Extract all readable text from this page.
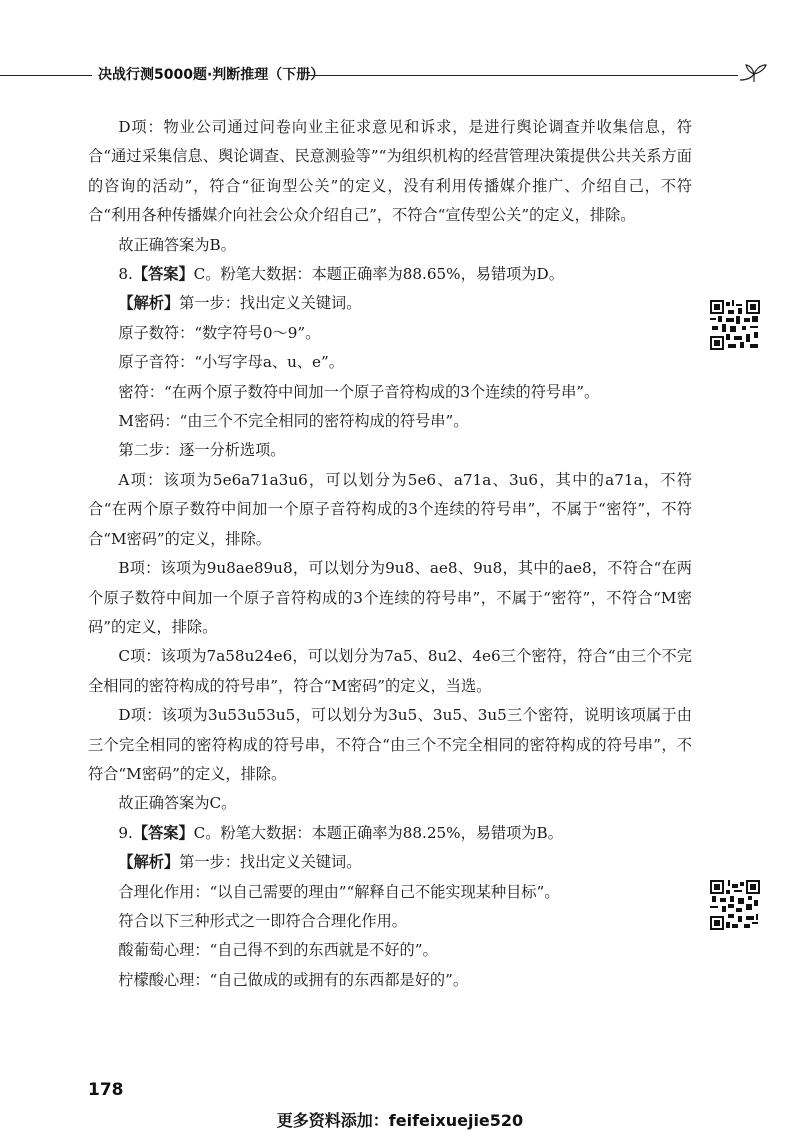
决战行测5000题·判断推理（下册）

D项：物业公司通过问卷向业主征求意见和诉求，是进行舆论调查并收集信息，符合“通过采集信息、舆论调查、民意测验等”“为组织机构的经营管理决策提供公共关系方面的咨询的活动”，符合“征询型公关”的定义，没有利用传播媒介推广、介绍自己，不符合“利用各种传播媒介向社会公众介绍自己”，不符合“宣传型公关”的定义，排除。

故正确答案为B。

8.【答案】C。粉笔大数据：本题正确率为88.65%，易错项为D。

【解析】第一步：找出定义关键词。

原子数符：“数字符号0～9”。

原子音符：“小写字母a、u、e”。

密符：“在两个原子数符中间加一个原子音符构成的3个连续的符号串”。

M密码：“由三个不完全相同的密符构成的符号串”。

第二步：逐一分析选项。

A项：该项为5e6a71a3u6，可以划分为5e6、a71a、3u6，其中的a71a，不符合“在两个原子数符中间加一个原子音符构成的3个连续的符号串”，不属于“密符”，不符合“M密码”的定义，排除。

B项：该项为9u8ae89u8，可以划分为9u8、ae8、9u8，其中的ae8，不符合“在两个原子数符中间加一个原子音符构成的3个连续的符号串”，不属于“密符”，不符合“M密码”的定义，排除。

C项：该项为7a58u24e6，可以划分为7a5、8u2、4e6三个密符，符合“由三个不完全相同的密符构成的符号串”，符合“M密码”的定义，当选。

D项：该项为3u53u53u5，可以划分为3u5、3u5、3u5三个密符，说明该项属于由三个完全相同的密符构成的符号串，不符合“由三个不完全相同的密符构成的符号串”，不符合“M密码”的定义，排除。

故正确答案为C。

9.【答案】C。粉笔大数据：本题正确率为88.25%，易错项为B。

【解析】第一步：找出定义关键词。

合理化作用：“以自己需要的理由”“解释自己不能实现某种目标”。

符合以下三种形式之一即符合合理化作用。

酸葡萄心理：“自己得不到的东西就是不好的”。

柠檬酸心理：“自己做成的或拥有的东西都是好的”。

178
更多资料添加：feifeixuejie520
